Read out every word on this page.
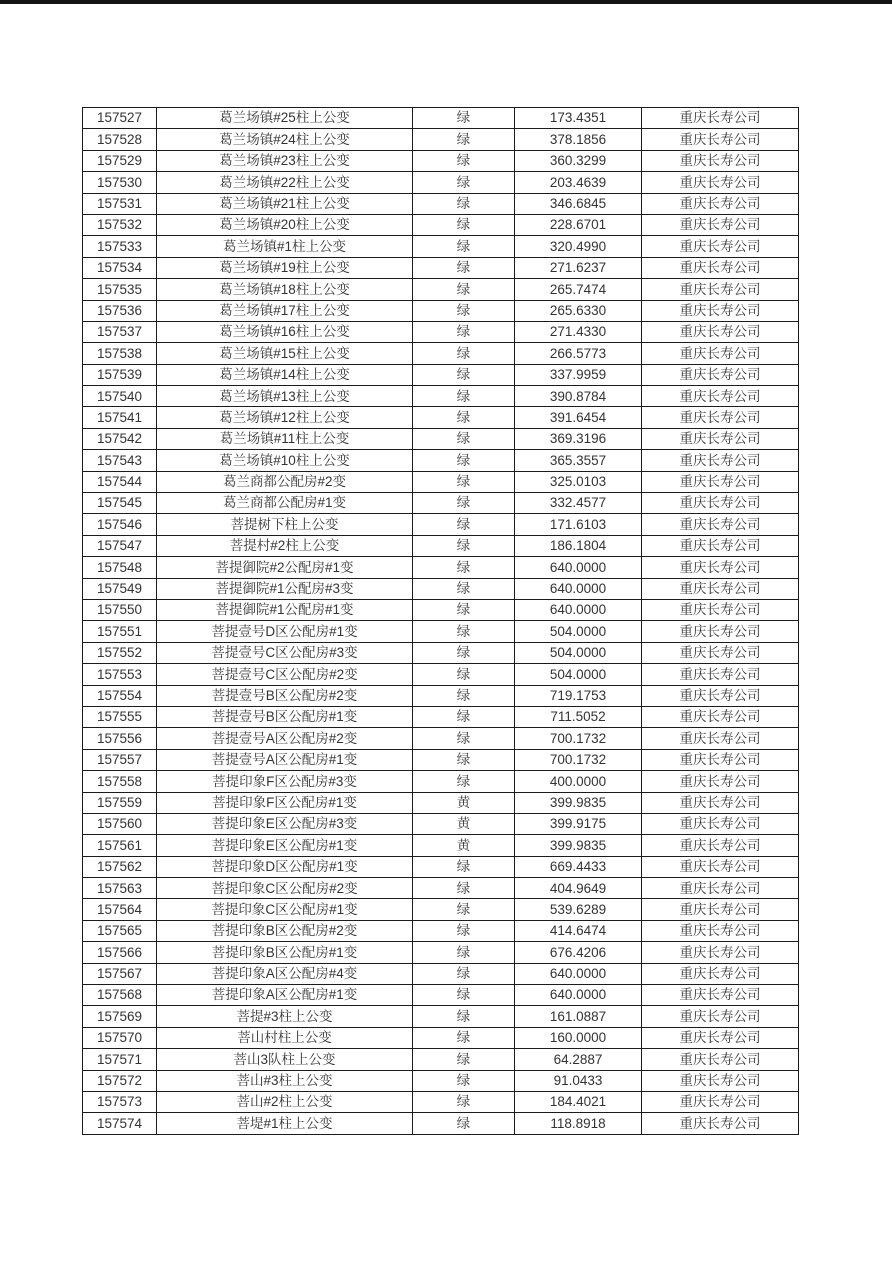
157527	葛兰场镇#25柱上公变	绿	173.4351	重庆长寿公司
157528	葛兰场镇#24柱上公变	绿	378.1856	重庆长寿公司
157529	葛兰场镇#23柱上公变	绿	360.3299	重庆长寿公司
157530	葛兰场镇#22柱上公变	绿	203.4639	重庆长寿公司
157531	葛兰场镇#21柱上公变	绿	346.6845	重庆长寿公司
157532	葛兰场镇#20柱上公变	绿	228.6701	重庆长寿公司
157533	葛兰场镇#1柱上公变	绿	320.4990	重庆长寿公司
157534	葛兰场镇#19柱上公变	绿	271.6237	重庆长寿公司
157535	葛兰场镇#18柱上公变	绿	265.7474	重庆长寿公司
157536	葛兰场镇#17柱上公变	绿	265.6330	重庆长寿公司
157537	葛兰场镇#16柱上公变	绿	271.4330	重庆长寿公司
157538	葛兰场镇#15柱上公变	绿	266.5773	重庆长寿公司
157539	葛兰场镇#14柱上公变	绿	337.9959	重庆长寿公司
157540	葛兰场镇#13柱上公变	绿	390.8784	重庆长寿公司
157541	葛兰场镇#12柱上公变	绿	391.6454	重庆长寿公司
157542	葛兰场镇#11柱上公变	绿	369.3196	重庆长寿公司
157543	葛兰场镇#10柱上公变	绿	365.3557	重庆长寿公司
157544	葛兰商都公配房#2变	绿	325.0103	重庆长寿公司
157545	葛兰商都公配房#1变	绿	332.4577	重庆长寿公司
157546	菩提树下柱上公变	绿	171.6103	重庆长寿公司
157547	菩提村#2柱上公变	绿	186.1804	重庆长寿公司
157548	菩提御院#2公配房#1变	绿	640.0000	重庆长寿公司
157549	菩提御院#1公配房#3变	绿	640.0000	重庆长寿公司
157550	菩提御院#1公配房#1变	绿	640.0000	重庆长寿公司
157551	菩提壹号D区公配房#1变	绿	504.0000	重庆长寿公司
157552	菩提壹号C区公配房#3变	绿	504.0000	重庆长寿公司
157553	菩提壹号C区公配房#2变	绿	504.0000	重庆长寿公司
157554	菩提壹号B区公配房#2变	绿	719.1753	重庆长寿公司
157555	菩提壹号B区公配房#1变	绿	711.5052	重庆长寿公司
157556	菩提壹号A区公配房#2变	绿	700.1732	重庆长寿公司
157557	菩提壹号A区公配房#1变	绿	700.1732	重庆长寿公司
157558	菩提印象F区公配房#3变	绿	400.0000	重庆长寿公司
157559	菩提印象F区公配房#1变	黄	399.9835	重庆长寿公司
157560	菩提印象E区公配房#3变	黄	399.9175	重庆长寿公司
157561	菩提印象E区公配房#1变	黄	399.9835	重庆长寿公司
157562	菩提印象D区公配房#1变	绿	669.4433	重庆长寿公司
157563	菩提印象C区公配房#2变	绿	404.9649	重庆长寿公司
157564	菩提印象C区公配房#1变	绿	539.6289	重庆长寿公司
157565	菩提印象B区公配房#2变	绿	414.6474	重庆长寿公司
157566	菩提印象B区公配房#1变	绿	676.4206	重庆长寿公司
157567	菩提印象A区公配房#4变	绿	640.0000	重庆长寿公司
157568	菩提印象A区公配房#1变	绿	640.0000	重庆长寿公司
157569	菩提#3柱上公变	绿	161.0887	重庆长寿公司
157570	菩山村柱上公变	绿	160.0000	重庆长寿公司
157571	菩山3队柱上公变	绿	64.2887	重庆长寿公司
157572	菩山#3柱上公变	绿	91.0433	重庆长寿公司
157573	菩山#2柱上公变	绿	184.4021	重庆长寿公司
157574	菩堤#1柱上公变	绿	118.8918	重庆长寿公司
